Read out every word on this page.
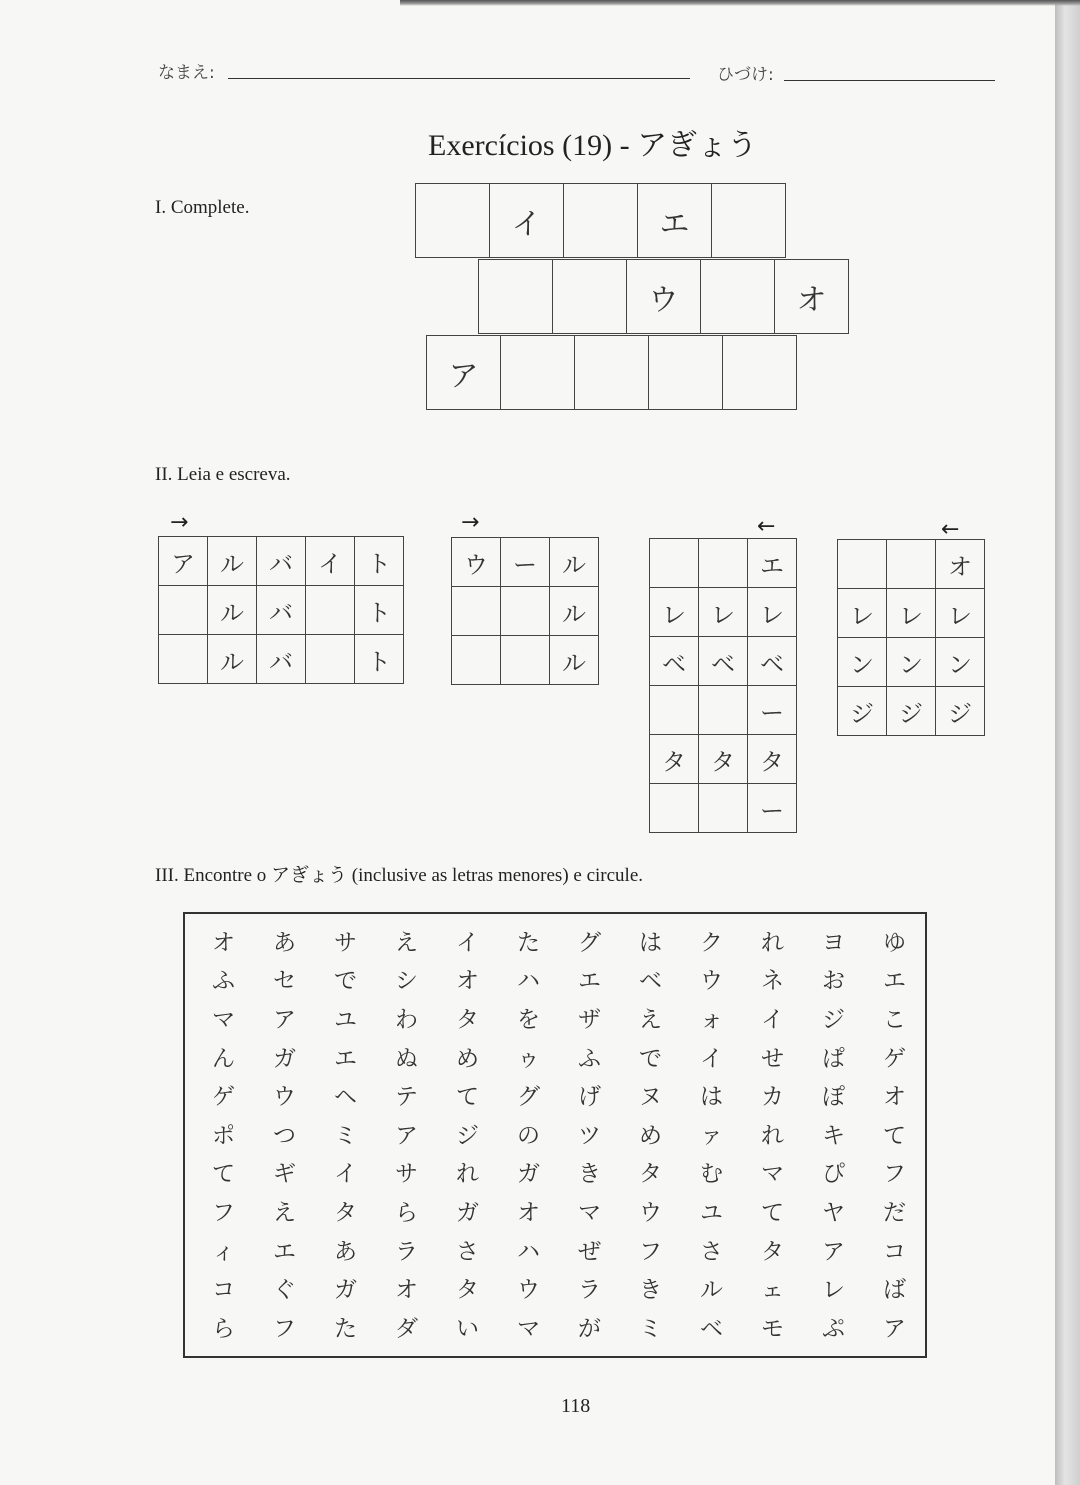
なまえ:	ひづけ:
Exercícios (19) - アぎょう
I. Complete.
		イ		エ	
		ウ		オ
ア				
II. Leia e escreva.
→
ア	ル	バ	イ	ト
	ル	バ		ト
	ル	バ		ト
→
ウ	ー	ル
		ル
		ル
←
		エ
レ	レ	レ
ベ	ベ	ベ
		ー
タ	タ	タ
		ー
←
		オ
レ	レ	レ
ン	ン	ン
ジ	ジ	ジ
III. Encontre o アぎょう (inclusive as letras menores) e circule.
オ	あ	サ	え	イ	た	グ	は	ク	れ	ヨ	ゆ
ふ	セ	で	シ	オ	ハ	エ	ベ	ウ	ネ	お	エ
マ	ア	ユ	わ	タ	を	ザ	え	ォ	イ	ジ	こ
ん	ガ	エ	ぬ	め	ゥ	ふ	で	イ	せ	ぱ	ゲ
ゲ	ウ	ヘ	テ	て	グ	げ	ヌ	は	カ	ぽ	オ
ポ	つ	ミ	ア	ジ	の	ツ	め	ァ	れ	キ	て
て	ギ	イ	サ	れ	ガ	き	タ	む	マ	ぴ	フ
フ	え	タ	ら	ガ	オ	マ	ウ	ユ	て	ヤ	だ
ィ	エ	あ	ラ	さ	ハ	ぜ	フ	さ	タ	ア	コ
コ	ぐ	ガ	オ	タ	ウ	ラ	き	ル	ェ	レ	ば
ら	フ	た	ダ	い	マ	が	ミ	ベ	モ	ぷ	ア
118
